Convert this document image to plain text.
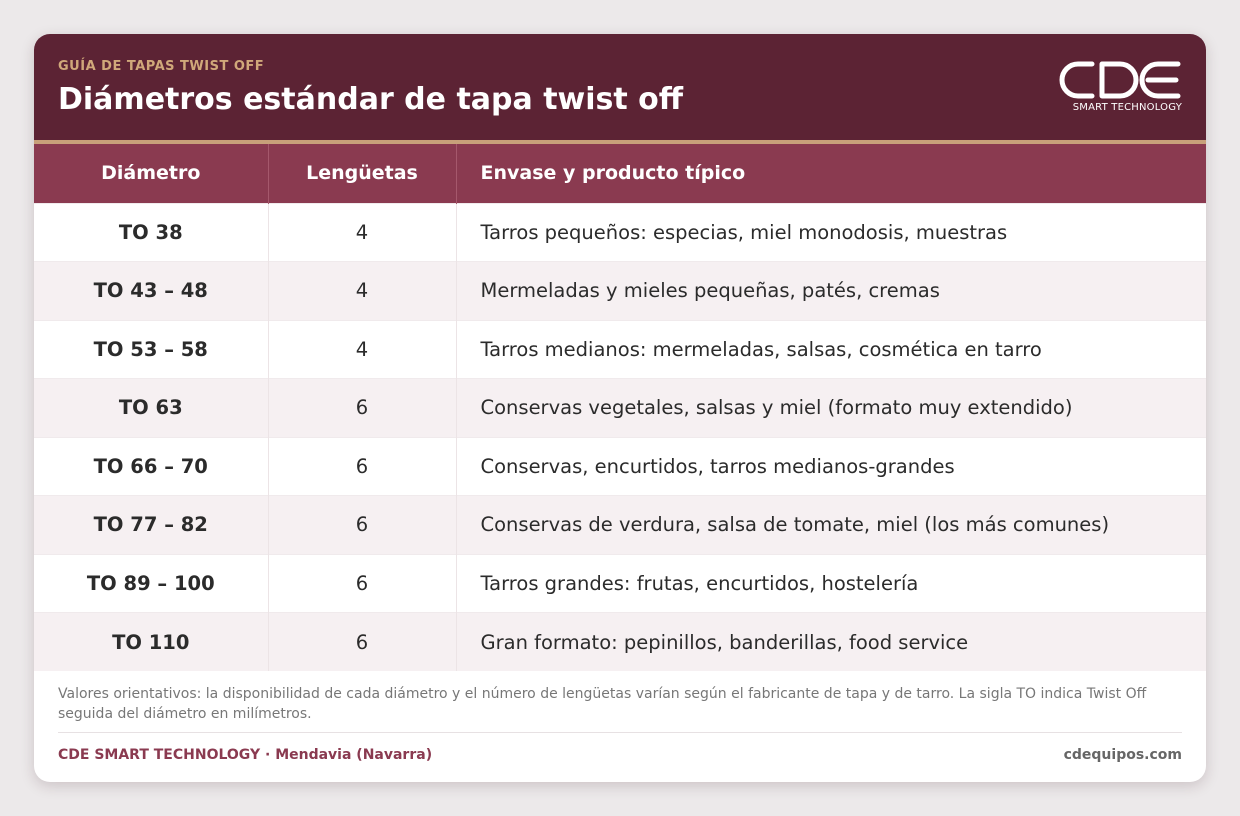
GUÍA DE TAPAS TWIST OFF
Diámetros estándar de tapa twist off	SMART TECHNOLOGY
Diámetro	Lengüetas	Envase y producto típico
TO 38	4	Tarros pequeños: especias, miel monodosis, muestras
TO 43 – 48	4	Mermeladas y mieles pequeñas, patés, cremas
TO 53 – 58	4	Tarros medianos: mermeladas, salsas, cosmética en tarro
TO 63	6	Conservas vegetales, salsas y miel (formato muy extendido)
TO 66 – 70	6	Conservas, encurtidos, tarros medianos-grandes
TO 77 – 82	6	Conservas de verdura, salsa de tomate, miel (los más comunes)
TO 89 – 100	6	Tarros grandes: frutas, encurtidos, hostelería
TO 110	6	Gran formato: pepinillos, banderillas, food service
Valores orientativos: la disponibilidad de cada diámetro y el número de lengüetas varían según el fabricante de tapa y de tarro. La sigla TO indica Twist Off seguida del diámetro en milímetros.
CDE SMART TECHNOLOGY · Mendavia (Navarra)	cdequipos.com
